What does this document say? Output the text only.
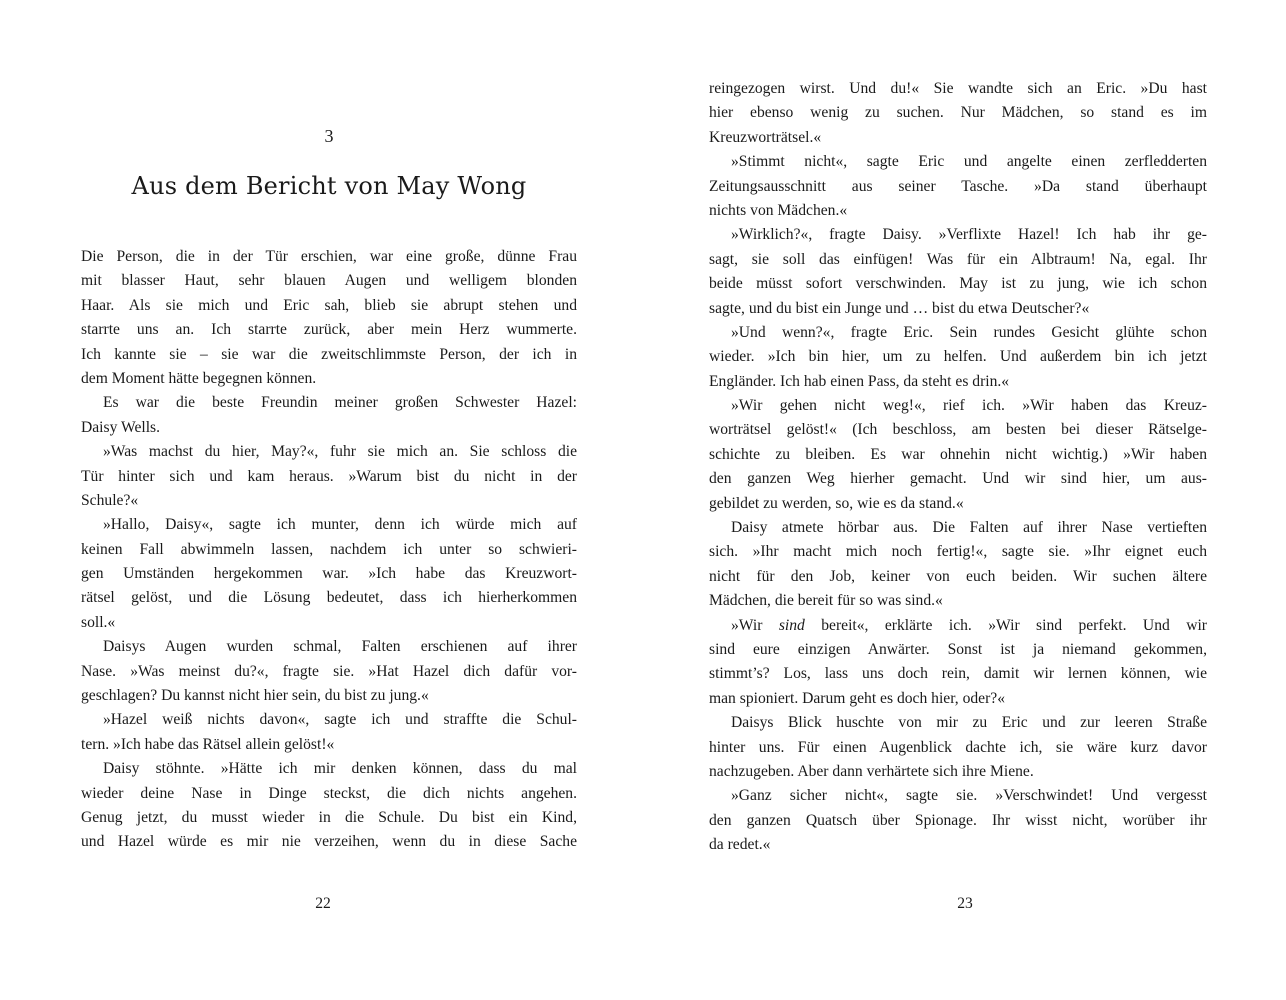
3
Aus dem Bericht von May Wong
Die Person, die in der Tür erschien, war eine große, dünne Frau
mit blasser Haut, sehr blauen Augen und welligem blonden
Haar. Als sie mich und Eric sah, blieb sie abrupt stehen und
starrte uns an. Ich starrte zurück, aber mein Herz wummerte.
Ich kannte sie – sie war die zweitschlimmste Person, der ich in
dem Moment hätte begegnen können.
Es war die beste Freundin meiner großen Schwester Hazel:
Daisy Wells.
»Was machst du hier, May?«, fuhr sie mich an. Sie schloss die
Tür hinter sich und kam heraus. »Warum bist du nicht in der
Schule?«
»Hallo, Daisy«, sagte ich munter, denn ich würde mich auf
keinen Fall abwimmeln lassen, nachdem ich unter so schwieri-
gen Umständen hergekommen war. »Ich habe das Kreuzwort-
rätsel gelöst, und die Lösung bedeutet, dass ich hierherkommen
soll.«
Daisys Augen wurden schmal, Falten erschienen auf ihrer
Nase. »Was meinst du?«, fragte sie. »Hat Hazel dich dafür vor-
geschlagen? Du kannst nicht hier sein, du bist zu jung.«
»Hazel weiß nichts davon«, sagte ich und straffte die Schul-
tern. »Ich habe das Rätsel allein gelöst!«
Daisy stöhnte. »Hätte ich mir denken können, dass du mal
wieder deine Nase in Dinge steckst, die dich nichts angehen.
Genug jetzt, du musst wieder in die Schule. Du bist ein Kind,
und Hazel würde es mir nie verzeihen, wenn du in diese Sache
22
reingezogen wirst. Und du!« Sie wandte sich an Eric. »Du hast
hier ebenso wenig zu suchen. Nur Mädchen, so stand es im
Kreuzworträtsel.«
»Stimmt nicht«, sagte Eric und angelte einen zerfledderten
Zeitungsausschnitt aus seiner Tasche. »Da stand überhaupt
nichts von Mädchen.«
»Wirklich?«, fragte Daisy. »Verflixte Hazel! Ich hab ihr ge-
sagt, sie soll das einfügen! Was für ein Albtraum! Na, egal. Ihr
beide müsst sofort verschwinden. May ist zu jung, wie ich schon
sagte, und du bist ein Junge und … bist du etwa Deutscher?«
»Und wenn?«, fragte Eric. Sein rundes Gesicht glühte schon
wieder. »Ich bin hier, um zu helfen. Und außerdem bin ich jetzt
Engländer. Ich hab einen Pass, da steht es drin.«
»Wir gehen nicht weg!«, rief ich. »Wir haben das Kreuz-
worträtsel gelöst!« (Ich beschloss, am besten bei dieser Rätselge-
schichte zu bleiben. Es war ohnehin nicht wichtig.) »Wir haben
den ganzen Weg hierher gemacht. Und wir sind hier, um aus-
gebildet zu werden, so, wie es da stand.«
Daisy atmete hörbar aus. Die Falten auf ihrer Nase vertieften
sich. »Ihr macht mich noch fertig!«, sagte sie. »Ihr eignet euch
nicht für den Job, keiner von euch beiden. Wir suchen ältere
Mädchen, die bereit für so was sind.«
»Wir sind bereit«, erklärte ich. »Wir sind perfekt. Und wir
sind eure einzigen Anwärter. Sonst ist ja niemand gekommen,
stimmt’s? Los, lass uns doch rein, damit wir lernen können, wie
man spioniert. Darum geht es doch hier, oder?«
Daisys Blick huschte von mir zu Eric und zur leeren Straße
hinter uns. Für einen Augenblick dachte ich, sie wäre kurz davor
nachzugeben. Aber dann verhärtete sich ihre Miene.
»Ganz sicher nicht«, sagte sie. »Verschwindet! Und vergesst
den ganzen Quatsch über Spionage. Ihr wisst nicht, worüber ihr
da redet.«
23
